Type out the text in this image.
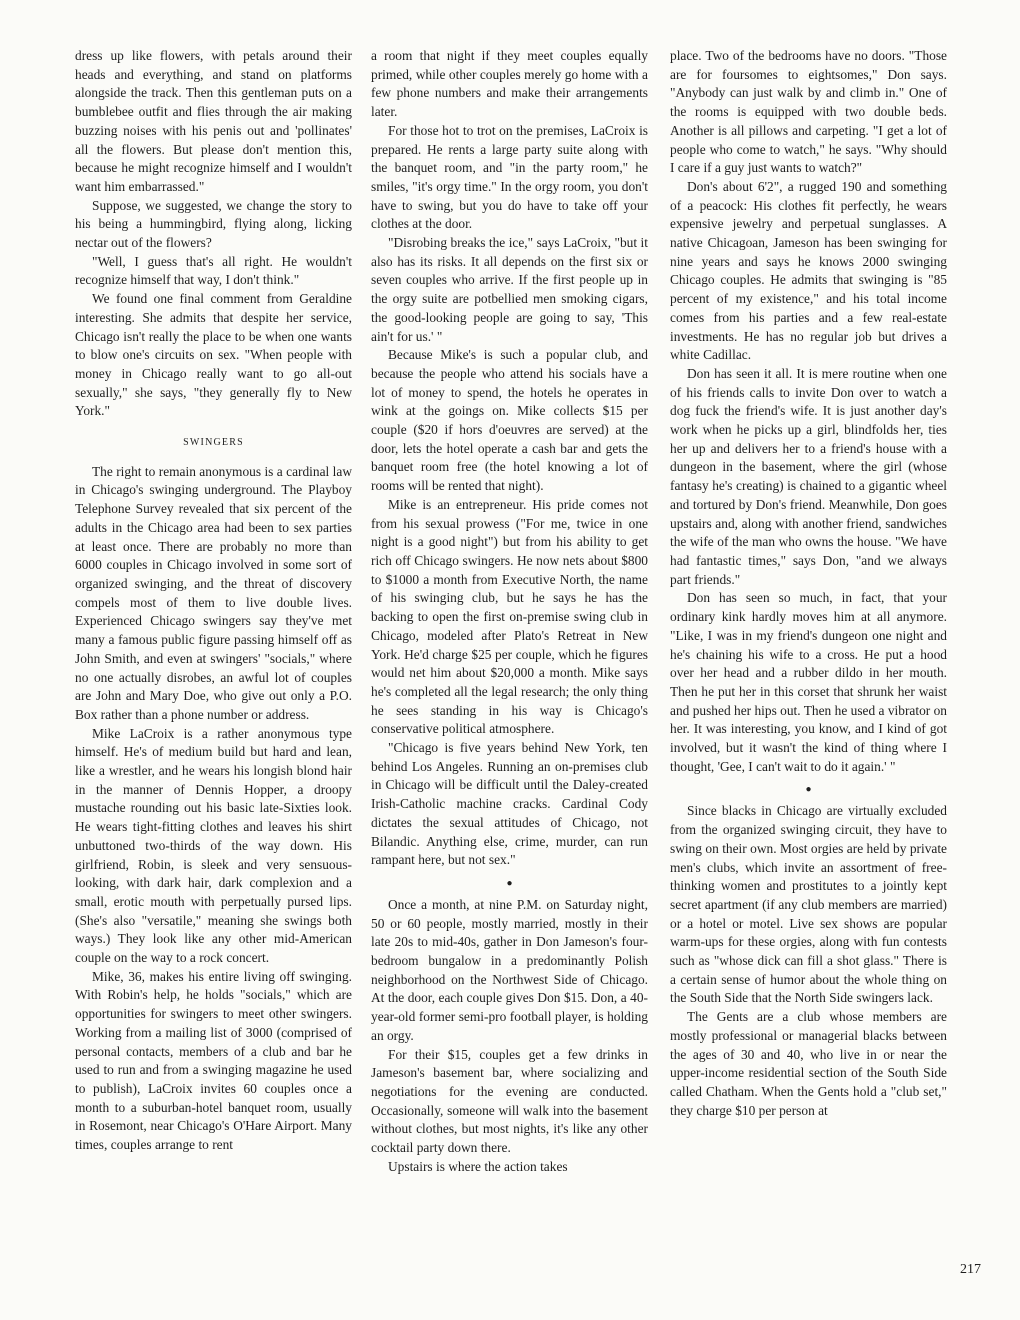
dress up like flowers, with petals around their heads and everything, and stand on platforms alongside the track. Then this gentleman puts on a bumblebee outfit and flies through the air making buzzing noises with his penis out and 'pollinates' all the flowers. But please don't mention this, because he might recognize himself and I wouldn't want him embarrassed."

Suppose, we suggested, we change the story to his being a hummingbird, flying along, licking nectar out of the flowers?

"Well, I guess that's all right. He wouldn't recognize himself that way, I don't think."

We found one final comment from Geraldine interesting. She admits that despite her service, Chicago isn't really the place to be when one wants to blow one's circuits on sex. "When people with money in Chicago really want to go all-out sexually," she says, "they generally fly to New York."

SWINGERS

The right to remain anonymous is a cardinal law in Chicago's swinging underground. The Playboy Telephone Survey revealed that six percent of the adults in the Chicago area had been to sex parties at least once. There are probably no more than 6000 couples in Chicago involved in some sort of organized swinging, and the threat of discovery compels most of them to live double lives. Experienced Chicago swingers say they've met many a famous public figure passing himself off as John Smith, and even at swingers' "socials," where no one actually disrobes, an awful lot of couples are John and Mary Doe, who give out only a P.O. Box rather than a phone number or address.

Mike LaCroix is a rather anonymous type himself. He's of medium build but hard and lean, like a wrestler, and he wears his longish blond hair in the manner of Dennis Hopper, a droopy mustache rounding out his basic late-Sixties look. He wears tight-fitting clothes and leaves his shirt unbuttoned two-thirds of the way down. His girlfriend, Robin, is sleek and very sensuous-looking, with dark hair, dark complexion and a small, erotic mouth with perpetually pursed lips. (She's also "versatile," meaning she swings both ways.) They look like any other mid-American couple on the way to a rock concert.

Mike, 36, makes his entire living off swinging. With Robin's help, he holds "socials," which are opportunities for swingers to meet other swingers. Working from a mailing list of 3000 (comprised of personal contacts, members of a club and bar he used to run and from a swinging magazine he used to publish), LaCroix invites 60 couples once a month to a suburban-hotel banquet room, usually in Rosemont, near Chicago's O'Hare Airport. Many times, couples arrange to rent

a room that night if they meet couples equally primed, while other couples merely go home with a few phone numbers and make their arrangements later.

For those hot to trot on the premises, LaCroix is prepared. He rents a large party suite along with the banquet room, and "in the party room," he smiles, "it's orgy time." In the orgy room, you don't have to swing, but you do have to take off your clothes at the door.

"Disrobing breaks the ice," says LaCroix, "but it also has its risks. It all depends on the first six or seven couples who arrive. If the first people up in the orgy suite are potbellied men smoking cigars, the good-looking people are going to say, 'This ain't for us.' "

Because Mike's is such a popular club, and because the people who attend his socials have a lot of money to spend, the hotels he operates in wink at the goings on. Mike collects $15 per couple ($20 if hors d'oeuvres are served) at the door, lets the hotel operate a cash bar and gets the banquet room free (the hotel knowing a lot of rooms will be rented that night).

Mike is an entrepreneur. His pride comes not from his sexual prowess ("For me, twice in one night is a good night") but from his ability to get rich off Chicago swingers. He now nets about $800 to $1000 a month from Executive North, the name of his swinging club, but he says he has the backing to open the first on-premise swing club in Chicago, modeled after Plato's Retreat in New York. He'd charge $25 per couple, which he figures would net him about $20,000 a month. Mike says he's completed all the legal research; the only thing he sees standing in his way is Chicago's conservative political atmosphere.

"Chicago is five years behind New York, ten behind Los Angeles. Running an on-premises club in Chicago will be difficult until the Daley-created Irish-Catholic machine cracks. Cardinal Cody dictates the sexual attitudes of Chicago, not Bilandic. Anything else, crime, murder, can run rampant here, but not sex."

●

Once a month, at nine P.M. on Saturday night, 50 or 60 people, mostly married, mostly in their late 20s to mid-40s, gather in Don Jameson's four-bedroom bungalow in a predominantly Polish neighborhood on the Northwest Side of Chicago. At the door, each couple gives Don $15. Don, a 40-year-old former semi-pro football player, is holding an orgy.

For their $15, couples get a few drinks in Jameson's basement bar, where socializing and negotiations for the evening are conducted. Occasionally, someone will walk into the basement without clothes, but most nights, it's like any other cocktail party down there.

Upstairs is where the action takes

place. Two of the bedrooms have no doors. "Those are for foursomes to eightsomes," Don says. "Anybody can just walk by and climb in." One of the rooms is equipped with two double beds. Another is all pillows and carpeting. "I get a lot of people who come to watch," he says. "Why should I care if a guy just wants to watch?"

Don's about 6'2", a rugged 190 and something of a peacock: His clothes fit perfectly, he wears expensive jewelry and perpetual sunglasses. A native Chicagoan, Jameson has been swinging for nine years and says he knows 2000 swinging Chicago couples. He admits that swinging is "85 percent of my existence," and his total income comes from his parties and a few real-estate investments. He has no regular job but drives a white Cadillac.

Don has seen it all. It is mere routine when one of his friends calls to invite Don over to watch a dog fuck the friend's wife. It is just another day's work when he picks up a girl, blindfolds her, ties her up and delivers her to a friend's house with a dungeon in the basement, where the girl (whose fantasy he's creating) is chained to a gigantic wheel and tortured by Don's friend. Meanwhile, Don goes upstairs and, along with another friend, sandwiches the wife of the man who owns the house. "We have had fantastic times," says Don, "and we always part friends."

Don has seen so much, in fact, that your ordinary kink hardly moves him at all anymore. "Like, I was in my friend's dungeon one night and he's chaining his wife to a cross. He put a hood over her head and a rubber dildo in her mouth. Then he put her in this corset that shrunk her waist and pushed her hips out. Then he used a vibrator on her. It was interesting, you know, and I kind of got involved, but it wasn't the kind of thing where I thought, 'Gee, I can't wait to do it again.' "

●

Since blacks in Chicago are virtually excluded from the organized swinging circuit, they have to swing on their own. Most orgies are held by private men's clubs, which invite an assortment of free-thinking women and prostitutes to a jointly kept secret apartment (if any club members are married) or a hotel or motel. Live sex shows are popular warm-ups for these orgies, along with fun contests such as "whose dick can fill a shot glass." There is a certain sense of humor about the whole thing on the South Side that the North Side swingers lack.

The Gents are a club whose members are mostly professional or managerial blacks between the ages of 30 and 40, who live in or near the upper-income residential section of the South Side called Chatham. When the Gents hold a "club set," they charge $10 per person at

217
